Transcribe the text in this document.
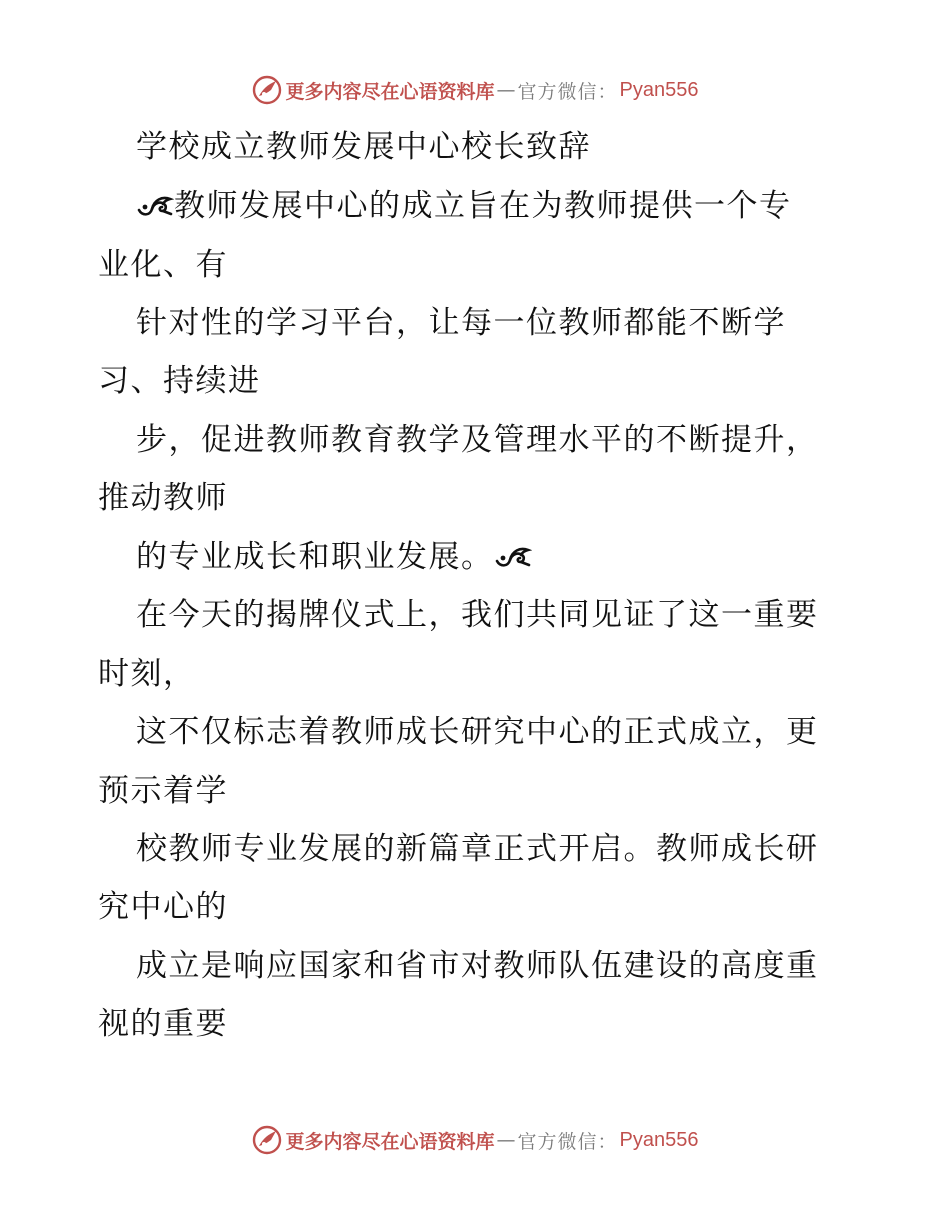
更多内容尽在心语资料库 — 官方微信： Pyan556
学校成立教师发展中心校长致辞
教师发展中心的成立旨在为教师提供一个专
业化、有
针对性的学习平台，让每一位教师都能不断学
习、持续进
步，促进教师教育教学及管理水平的不断提升，
推动教师
的专业成长和职业发展。
在今天的揭牌仪式上，我们共同见证了这一重要
时刻，
这不仅标志着教师成长研究中心的正式成立，更
预示着学
校教师专业发展的新篇章正式开启。教师成长研
究中心的
成立是响应国家和省市对教师队伍建设的高度重
视的重要
更多内容尽在心语资料库 — 官方微信： Pyan556
